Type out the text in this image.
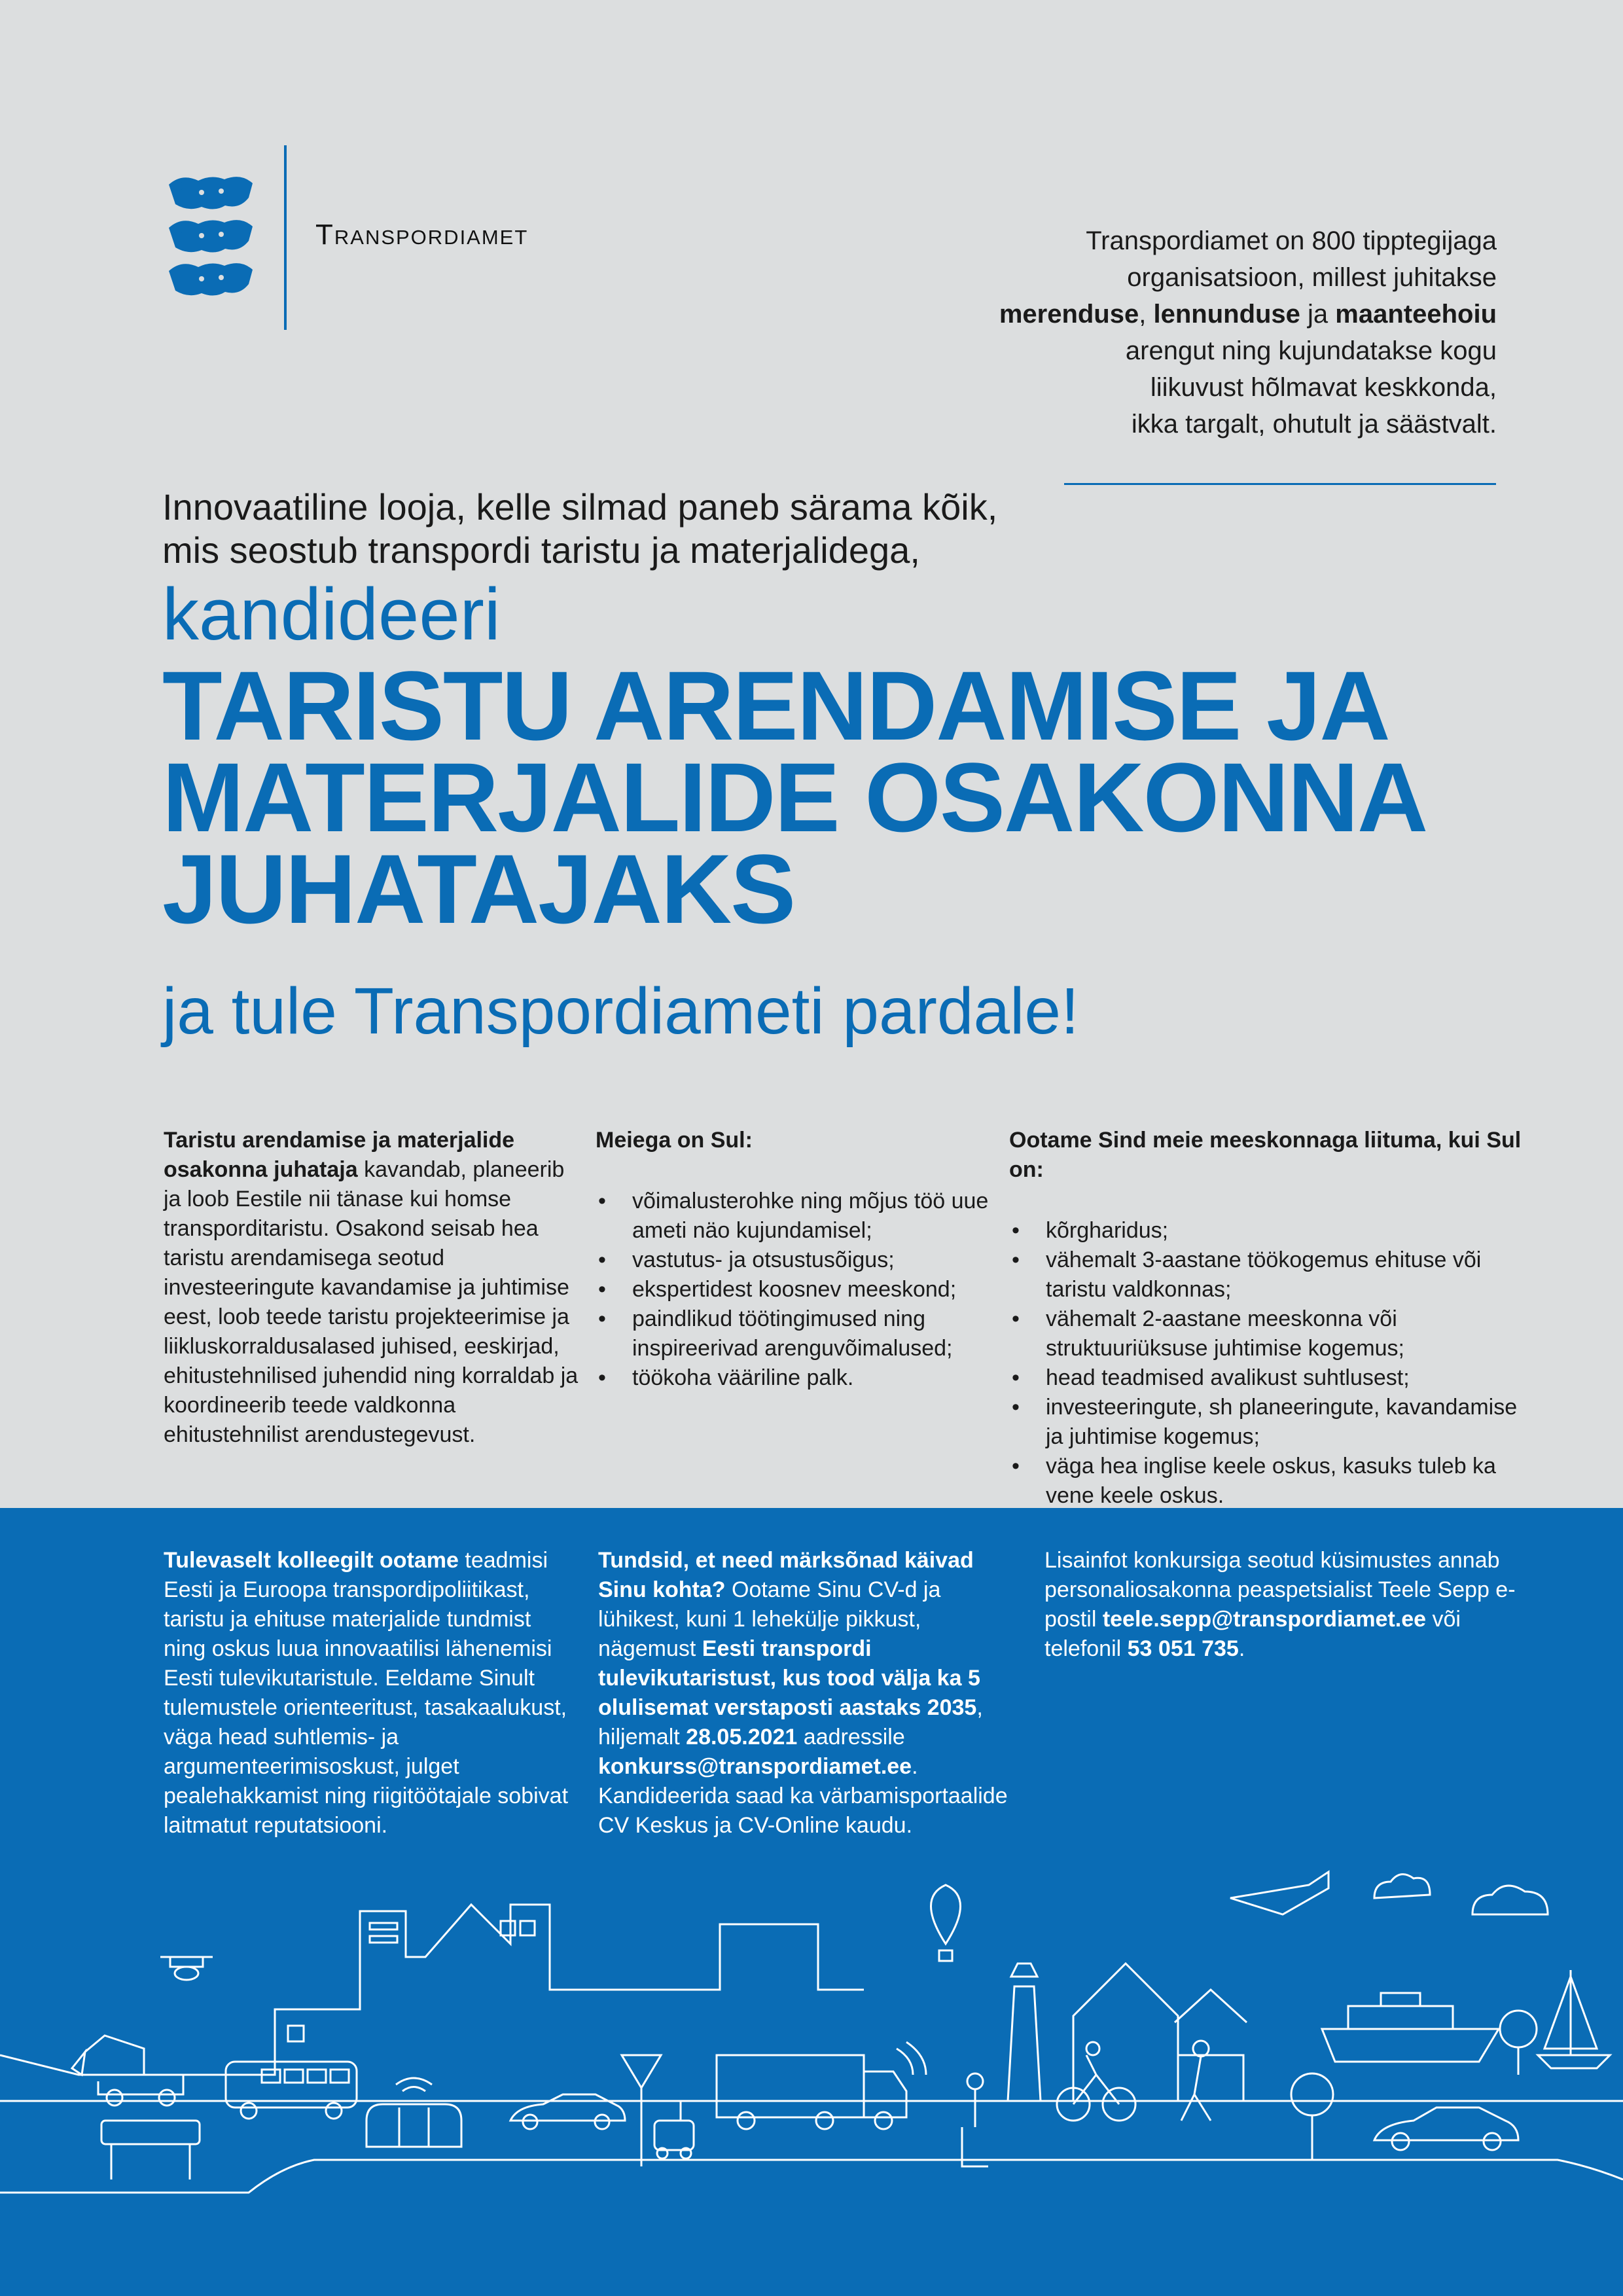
Transpordiamet	Transpordiamet on 800 tipptegijaga
organisatsioon, millest juhitakse
merenduse, lennunduse ja maanteehoiu
arengut ning kujundatakse kogu
liikuvust hõlmavat keskkonda,
ikka targalt, ohutult ja säästvalt.
Innovaatiline looja, kelle silmad paneb särama kõik,
mis seostub transpordi taristu ja materjalidega,
kandideeri
TARISTU ARENDAMISE JA
MATERJALIDE OSAKONNA
JUHATAJAKS
ja tule Transpordiameti pardale!
Taristu arendamise ja materjalide osakonna juhataja kavandab, planeerib ja loob Eestile nii tänase kui homse transporditaristu. Osakond seisab hea taristu arendamisega seotud investeeringute kavandamise ja juhtimise eest, loob teede taristu projekteerimise ja liikluskorraldusalased juhised, eeskirjad, ehitustehnilised juhendid ning korraldab ja koordineerib teede valdkonna ehitustehnilist arendustegevust.
Meiega on Sul:
• võimalusterohke ning mõjus töö uue ameti näo kujundamisel;
• vastutus- ja otsustusõigus;
• ekspertidest koosnev meeskond;
• paindlikud töötingimused ning inspireerivad arenguvõimalused;
• töökoha vääriline palk.
Ootame Sind meie meeskonnaga liituma, kui Sul on:
• kõrgharidus;
• vähemalt 3-aastane töökogemus ehituse või taristu valdkonnas;
• vähemalt 2-aastane meeskonna või struktuuriüksuse juhtimise kogemus;
• head teadmised avalikust suhtlusest;
• investeeringute, sh planeeringute, kavandamise ja juhtimise kogemus;
• väga hea inglise keele oskus, kasuks tuleb ka vene keele oskus.
Tulevaselt kolleegilt ootame teadmisi Eesti ja Euroopa transpordipoliitikast, taristu ja ehituse materjalide tundmist ning oskus luua innovaatilisi lähenemisi Eesti tulevikutaristule. Eeldame Sinult tulemustele orienteeritust, tasakaalukust, väga head suhtlemis- ja argumenteerimisoskust, julget pealehakkamist ning riigitöötajale sobivat laitmatut reputatsiooni.
Tundsid, et need märksõnad käivad Sinu kohta? Ootame Sinu CV-d ja lühikest, kuni 1 lehekülje pikkust, nägemust Eesti transpordi tulevikutaristust, kus tood välja ka 5 olulisemat verstaposti aastaks 2035, hiljemalt 28.05.2021 aadressile konkurss@transpordiamet.ee. Kandideerida saad ka värbamisportaalide CV Keskus ja CV-Online kaudu.
Lisainfot konkursiga seotud küsimustes annab personaliosakonna peaspetsialist Teele Sepp e-postil teele.sepp@transpordiamet.ee või telefonil 53 051 735.
